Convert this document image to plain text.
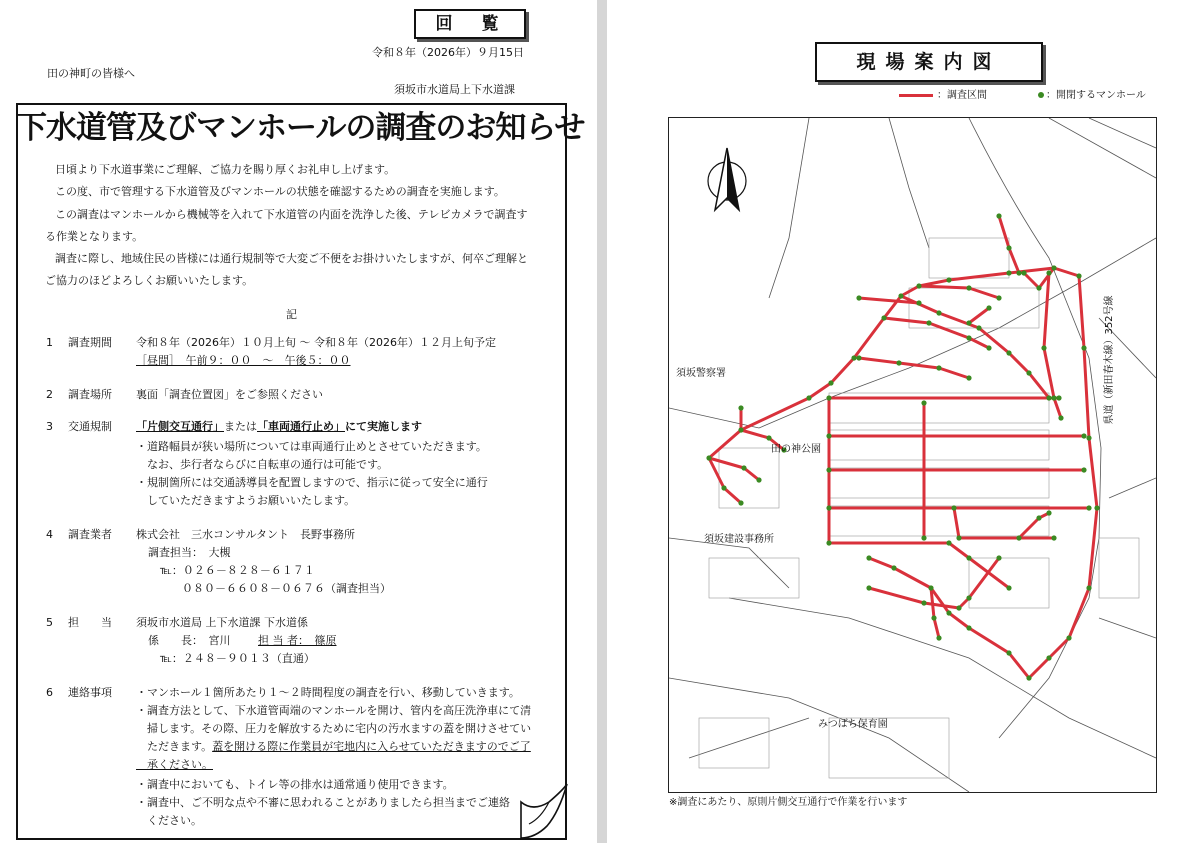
回　覧
令和８年（2026年）９月15日
田の神町の皆様へ
須坂市水道局上下水道課
下水道管及びマンホールの調査のお知らせ
日頃より下水道事業にご理解、ご協力を賜り厚くお礼申し上げます。
この度、市で管理する下水道管及びマンホールの状態を確認するための調査を実施します。
この調査はマンホールから機械等を入れて下水道管の内面を洗浄した後、テレビカメラで調査す
る作業となります。
調査に際し、地域住民の皆様には通行規制等で大変ご不便をお掛けいたしますが、何卒ご理解と
ご協力のほどよろしくお願いいたします。
記
1 調査期間 令和８年（2026年）１０月上旬 ～ 令和８年（2026年）１２月上旬予定
［昼間］　午前９：００　～　午後５：００
2 調査場所 裏面「調査位置図」をご参照ください
3 交通規制 「片側交互通行」または「車両通行止め」にて実施します
・道路幅員が狭い場所については車両通行止めとさせていただきます。
　なお、歩行者ならびに自転車の通行は可能です。
・規制箇所には交通誘導員を配置しますので、指示に従って安全に通行
　していただきますようお願いいたします。
4 調査業者 株式会社　三水コンサルタント　長野事務所
調査担当：　大槻
℡：０２６－８２８－６１７１
０８０－６６０８－０６７６（調査担当）
5 担　　当 須坂市水道局 上下水道課 下水道係
係　　長：　宮川	担 当 者：　篠原
℡：２４８－９０１３（直通）
6 連絡事項 ・マンホール１箇所あたり１～２時間程度の調査を行い、移動していきます。
・調査方法として、下水道管両端のマンホールを開け、管内を高圧洗浄車にて清
　掃します。その際、圧力を解放するために宅内の汚水ますの蓋を開けさせてい
　ただきます。蓋を開ける際に作業員が宅地内に入らせていただきますのでご了
　承ください。
・調査中においても、トイレ等の排水は通常通り使用できます。
・調査中、ご不明な点や不審に思われることがありましたら担当までご連絡
　ください。
現場案内図
：調査区間	：開閉するマンホール
須坂警察署
田の神公園
須坂建設事務所
みつばち保育園
県道（新田春木線）352号線
※調査にあたり、原則片側交互通行で作業を行います
